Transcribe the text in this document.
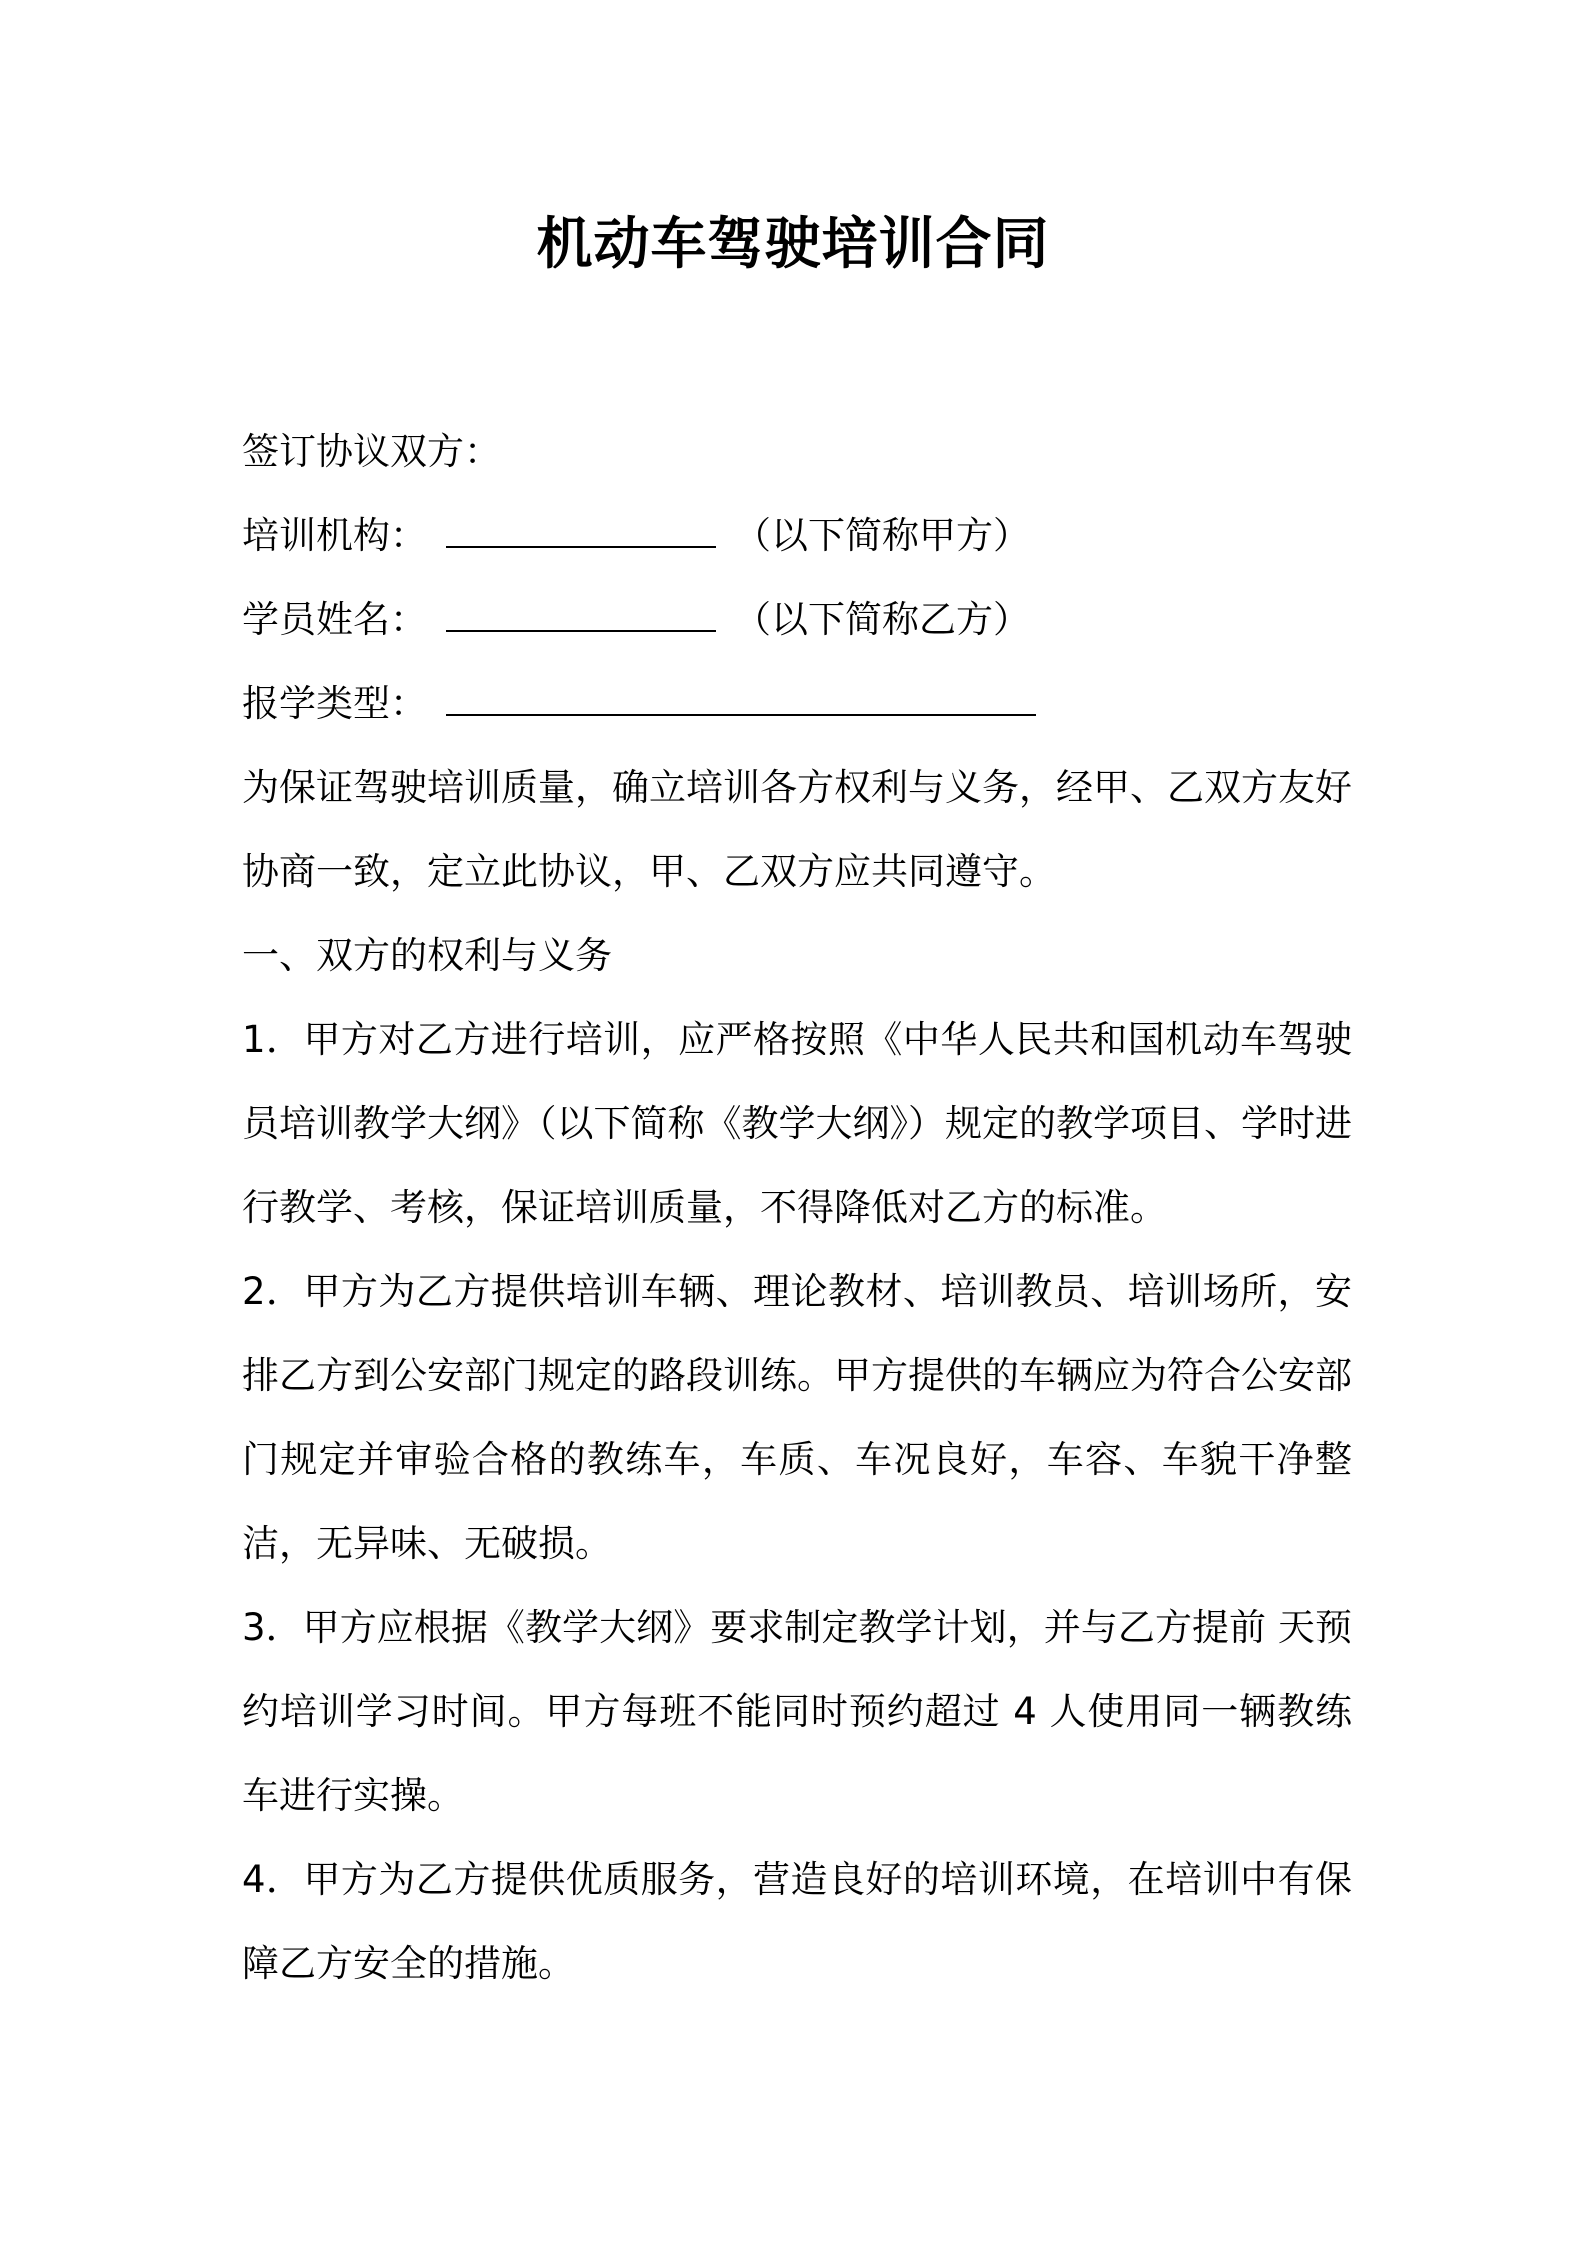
机动车驾驶培训合同
签订协议双方：
培训机构：	（以下简称甲方）
学员姓名：	（以下简称乙方）
报学类型：
为保证驾驶培训质量，确立培训各方权利与义务，经甲、乙双方友好协商一致，定立此协议，甲、乙双方应共同遵守。
一、双方的权利与义务
1．甲方对乙方进行培训，应严格按照《中华人民共和国机动车驾驶员培训教学大纲》（以下简称《教学大纲》）规定的教学项目、学时进行教学、考核，保证培训质量，不得降低对乙方的标准。
2．甲方为乙方提供培训车辆、理论教材、培训教员、培训场所，安排乙方到公安部门规定的路段训练。甲方提供的车辆应为符合公安部门规定并审验合格的教练车，车质、车况良好，车容、车貌干净整洁，无异味、无破损。
3．甲方应根据《教学大纲》要求制定教学计划，并与乙方提前 天预约培训学习时间。甲方每班不能同时预约超过 4 人使用同一辆教练车进行实操。
4．甲方为乙方提供优质服务，营造良好的培训环境，在培训中有保障乙方安全的措施。
